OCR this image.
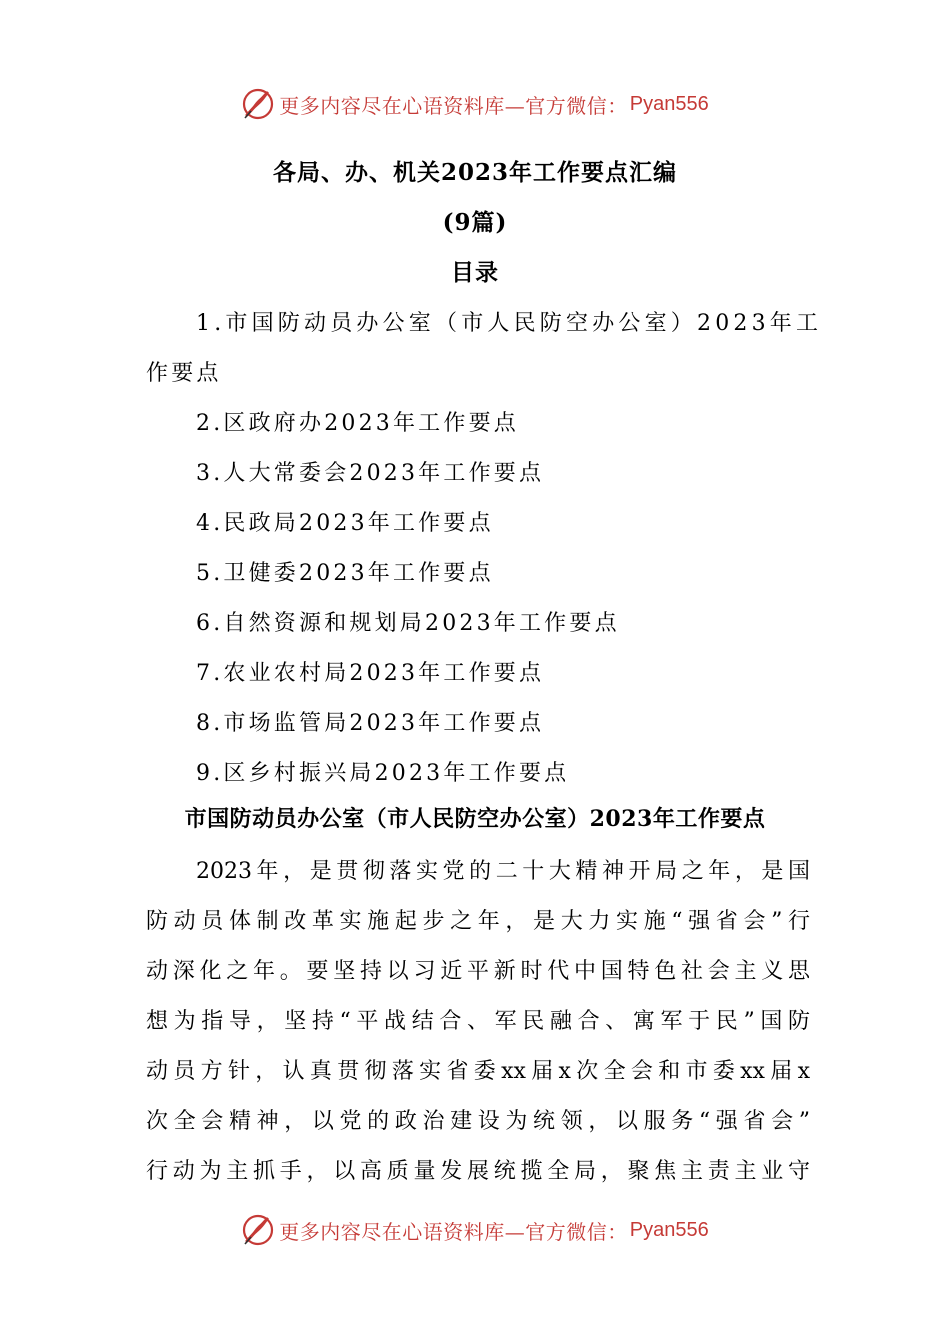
更多内容尽在心语资料库—官方微信： Pyan556
各局、办、机关2023年工作要点汇编
(9篇)
目录
1.市国防动员办公室（市人民防空办公室）2023年工
作要点
2.区政府办2023年工作要点
3.人大常委会2023年工作要点
4.民政局2023年工作要点
5.卫健委2023年工作要点
6.自然资源和规划局2023年工作要点
7.农业农村局2023年工作要点
8.市场监管局2023年工作要点
9.区乡村振兴局2023年工作要点
市国防动员办公室（市人民防空办公室）2023年工作要点
2023年，是贯彻落实党的二十大精神开局之年，是国
防动员体制改革实施起步之年，是大力实施“强省会”行
动深化之年。要坚持以习近平新时代中国特色社会主义思
想为指导，坚持“平战结合、军民融合、寓军于民”国防
动员方针，认真贯彻落实省委xx届x次全会和市委xx届x
次全会精神，以党的政治建设为统领，以服务“强省会”
行动为主抓手，以高质量发展统揽全局，聚焦主责主业守
更多内容尽在心语资料库—官方微信： Pyan556
